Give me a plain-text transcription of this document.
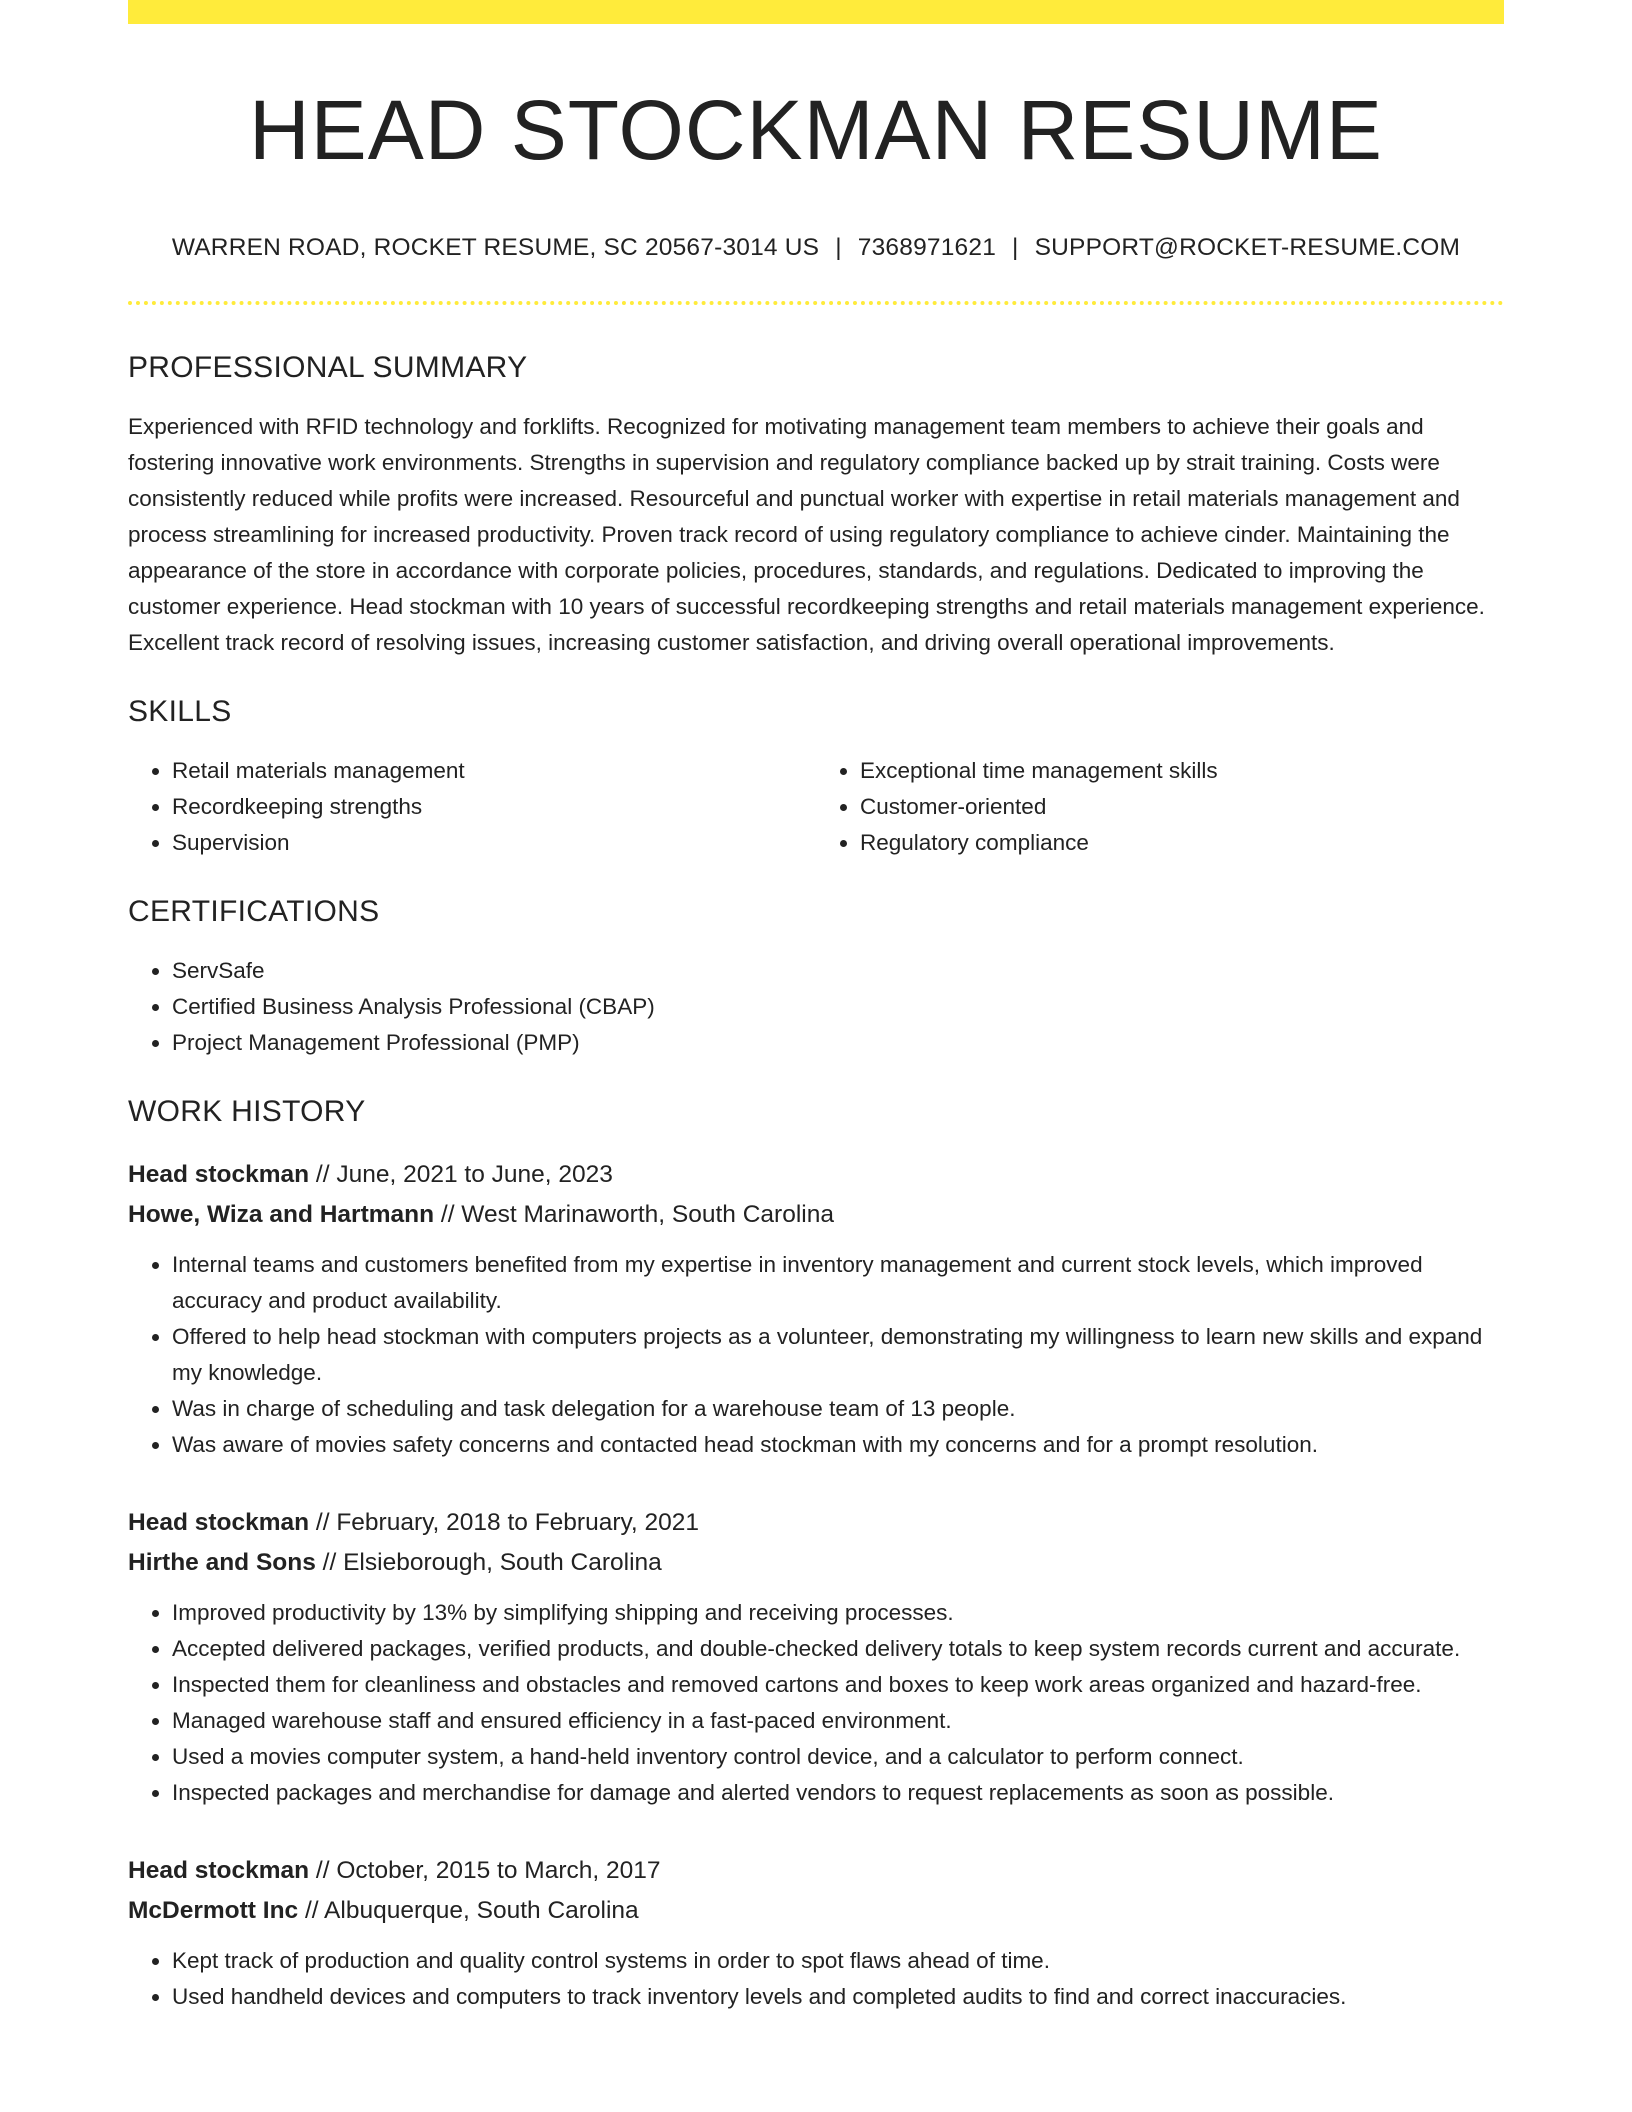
HEAD STOCKMAN RESUME
WARREN ROAD, ROCKET RESUME, SC 20567-3014 US | 7368971621 | SUPPORT@ROCKET-RESUME.COM
PROFESSIONAL SUMMARY
Experienced with RFID technology and forklifts. Recognized for motivating management team members to achieve their goals and fostering innovative work environments. Strengths in supervision and regulatory compliance backed up by strait training. Costs were consistently reduced while profits were increased. Resourceful and punctual worker with expertise in retail materials management and process streamlining for increased productivity. Proven track record of using regulatory compliance to achieve cinder. Maintaining the appearance of the store in accordance with corporate policies, procedures, standards, and regulations. Dedicated to improving the customer experience. Head stockman with 10 years of successful recordkeeping strengths and retail materials management experience. Excellent track record of resolving issues, increasing customer satisfaction, and driving overall operational improvements.
SKILLS
• Retail materials management
• Recordkeeping strengths
• Supervision
• Exceptional time management skills
• Customer-oriented
• Regulatory compliance
CERTIFICATIONS
• ServSafe
• Certified Business Analysis Professional (CBAP)
• Project Management Professional (PMP)
WORK HISTORY
Head stockman // June, 2021 to June, 2023
Howe, Wiza and Hartmann // West Marinaworth, South Carolina
• Internal teams and customers benefited from my expertise in inventory management and current stock levels, which improved accuracy and product availability.
• Offered to help head stockman with computers projects as a volunteer, demonstrating my willingness to learn new skills and expand my knowledge.
• Was in charge of scheduling and task delegation for a warehouse team of 13 people.
• Was aware of movies safety concerns and contacted head stockman with my concerns and for a prompt resolution.
Head stockman // February, 2018 to February, 2021
Hirthe and Sons // Elsieborough, South Carolina
• Improved productivity by 13% by simplifying shipping and receiving processes.
• Accepted delivered packages, verified products, and double-checked delivery totals to keep system records current and accurate.
• Inspected them for cleanliness and obstacles and removed cartons and boxes to keep work areas organized and hazard-free.
• Managed warehouse staff and ensured efficiency in a fast-paced environment.
• Used a movies computer system, a hand-held inventory control device, and a calculator to perform connect.
• Inspected packages and merchandise for damage and alerted vendors to request replacements as soon as possible.
Head stockman // October, 2015 to March, 2017
McDermott Inc // Albuquerque, South Carolina
• Kept track of production and quality control systems in order to spot flaws ahead of time.
• Used handheld devices and computers to track inventory levels and completed audits to find and correct inaccuracies.
